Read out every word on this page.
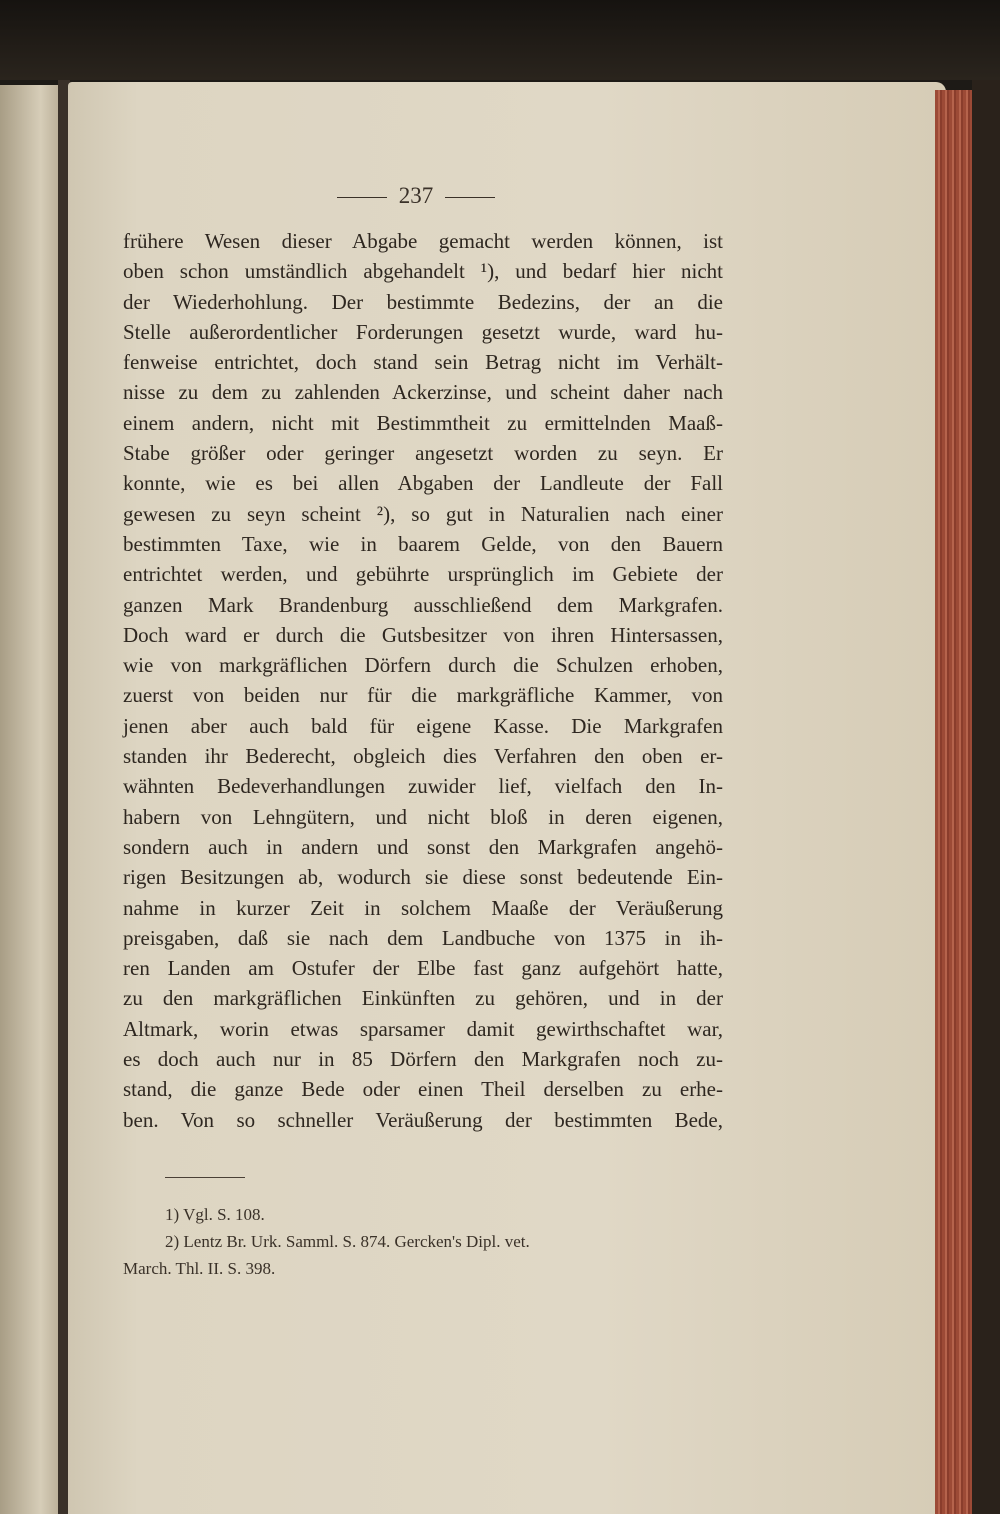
237
frühere Wesen dieser Abgabe gemacht werden können, ist
oben schon umständlich abgehandelt ¹), und bedarf hier nicht
der Wiederhohlung. Der bestimmte Bedezins, der an die
Stelle außerordentlicher Forderungen gesetzt wurde, ward hu-
fenweise entrichtet, doch stand sein Betrag nicht im Verhält-
nisse zu dem zu zahlenden Ackerzinse, und scheint daher nach
einem andern, nicht mit Bestimmtheit zu ermittelnden Maaß-
Stabe größer oder geringer angesetzt worden zu seyn. Er
konnte, wie es bei allen Abgaben der Landleute der Fall
gewesen zu seyn scheint ²), so gut in Naturalien nach einer
bestimmten Taxe, wie in baarem Gelde, von den Bauern
entrichtet werden, und gebührte ursprünglich im Gebiete der
ganzen Mark Brandenburg ausschließend dem Markgrafen.
Doch ward er durch die Gutsbesitzer von ihren Hintersassen,
wie von markgräflichen Dörfern durch die Schulzen erhoben,
zuerst von beiden nur für die markgräfliche Kammer, von
jenen aber auch bald für eigene Kasse. Die Markgrafen
standen ihr Bederecht, obgleich dies Verfahren den oben er-
wähnten Bedeverhandlungen zuwider lief, vielfach den In-
habern von Lehngütern, und nicht bloß in deren eigenen,
sondern auch in andern und sonst den Markgrafen angehö-
rigen Besitzungen ab, wodurch sie diese sonst bedeutende Ein-
nahme in kurzer Zeit in solchem Maaße der Veräußerung
preisgaben, daß sie nach dem Landbuche von 1375 in ih-
ren Landen am Ostufer der Elbe fast ganz aufgehört hatte,
zu den markgräflichen Einkünften zu gehören, und in der
Altmark, worin etwas sparsamer damit gewirthschaftet war,
es doch auch nur in 85 Dörfern den Markgrafen noch zu-
stand, die ganze Bede oder einen Theil derselben zu erhe-
ben. Von so schneller Veräußerung der bestimmten Bede,
1) Vgl. S. 108.
2) Lentz Br. Urk. Samml. S. 874. Gercken's Dipl. vet.
March. Thl. II. S. 398.
